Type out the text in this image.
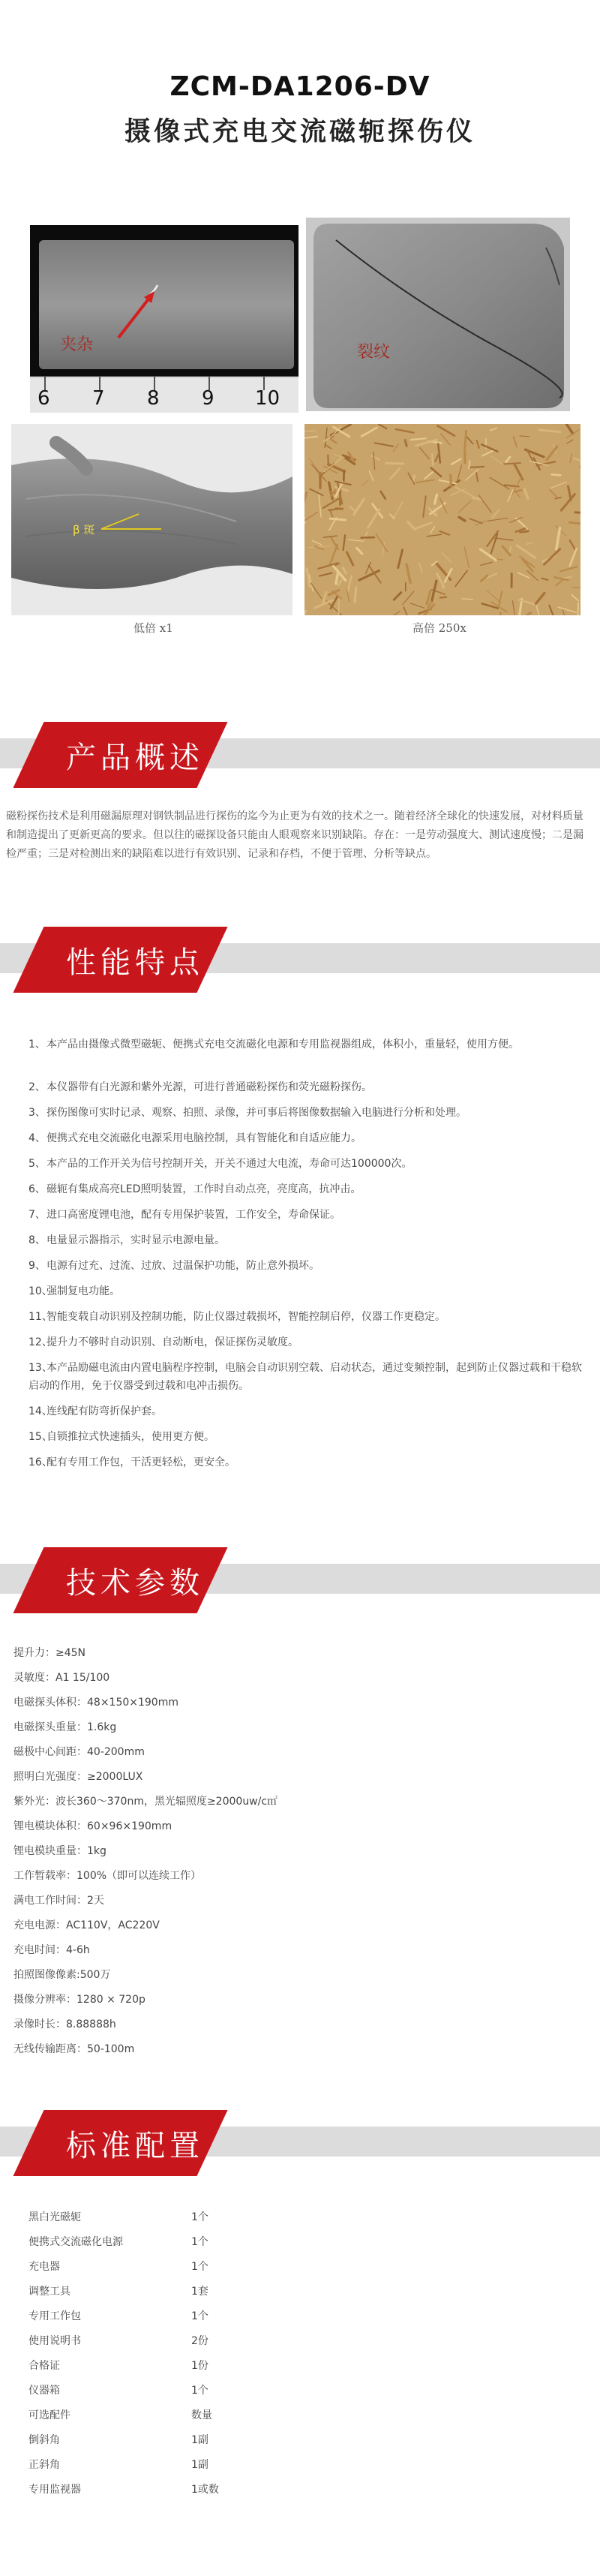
ZCM-DA1206-DV
摄像式充电交流磁轭探伤仪
夹杂
6 7 8 9 10
裂纹
β 斑
低倍 x1	高倍 250x
产品概述
磁粉探伤技术是利用磁漏原理对钢铁制品进行探伤的迄今为止更为有效的技术之一。随着经济全球化的快速发展，对材料质量和制造提出了更新更高的要求。但以往的磁探设备只能由人眼观察来识别缺陷。存在：一是劳动强度大、测试速度慢；二是漏检严重；三是对检测出来的缺陷难以进行有效识别、记录和存档，不便于管理、分析等缺点。
性能特点
1、本产品由摄像式微型磁轭、便携式充电交流磁化电源和专用监视器组成，体积小，重量轻，使用方便。
2、本仪器带有白光源和紫外光源，可进行普通磁粉探伤和荧光磁粉探伤。
3、探伤图像可实时记录、观察、拍照、录像，并可事后将图像数据输入电脑进行分析和处理。
4、便携式充电交流磁化电源采用电脑控制，具有智能化和自适应能力。
5、本产品的工作开关为信号控制开关，开关不通过大电流，寿命可达100000次。
6、磁轭有集成高亮LED照明装置，工作时自动点亮，亮度高，抗冲击。
7、进口高密度锂电池，配有专用保护装置，工作安全，寿命保证。
8、电量显示器指示，实时显示电源电量。
9、电源有过充、过流、过放、过温保护功能，防止意外损坏。
10、强制复电功能。
11、智能变载自动识别及控制功能，防止仪器过载损坏，智能控制启停，仪器工作更稳定。
12、提升力不够时自动识别、自动断电，保证探伤灵敏度。
13、本产品励磁电流由内置电脑程序控制，电脑会自动识别空载、启动状态，通过变频控制，起到防止仪器过载和干稳软启动的作用，免于仪器受到过载和电冲击损伤。
14、连线配有防弯折保护套。
15、自锁推拉式快速插头，使用更方便。
16、配有专用工作包，干活更轻松，更安全。
技术参数
提升力：≥45N
灵敏度：A1 15/100
电磁探头体积：48×150×190mm
电磁探头重量：1.6kg
磁极中心间距：40-200mm
照明白光强度：≥2000LUX
紫外光：波长360～370nm，黑光辐照度≥2000uw/c㎡
锂电模块体积：60×96×190mm
锂电模块重量：1kg
工作暂载率：100%（即可以连续工作）
满电工作时间：2天
充电电源：AC110V，AC220V
充电时间：4-6h
拍照图像像素:500万
摄像分辨率：1280 × 720p
录像时长：8.88888h
无线传输距离：50-100m
标准配置
黑白光磁轭	1个
便携式交流磁化电源	1个
充电器	1个
调整工具	1套
专用工作包	1个
使用说明书	2份
合格证	1份
仪器箱	1个
可选配件	数量
倒斜角	1副
正斜角	1副
专用监视器	1或数
